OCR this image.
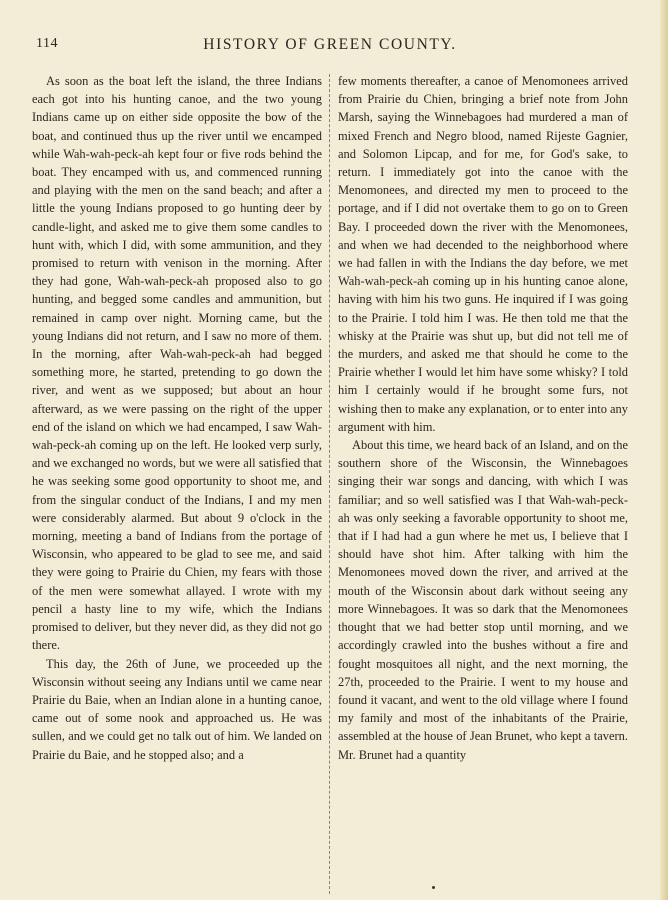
114	HISTORY OF GREEN COUNTY.

As soon as the boat left the island, the three Indians each got into his hunting canoe, and the two young Indians came up on either side opposite the bow of the boat, and continued thus up the river until we encamped while Wah-wah-peck-ah kept four or five rods behind the boat. They encamped with us, and commenced running and playing with the men on the sand beach; and after a little the young Indians proposed to go hunting deer by candle-light, and asked me to give them some candles to hunt with, which I did, with some ammunition, and they promised to return with venison in the morning. After they had gone, Wah-wah-peck-ah proposed also to go hunting, and begged some candles and ammunition, but remained in camp over night. Morning came, but the young Indians did not return, and I saw no more of them. In the morning, after Wah-wah-peck-ah had begged something more, he started, pretending to go down the river, and went as we supposed; but about an hour afterward, as we were passing on the right of the upper end of the island on which we had encamped, I saw Wah-wah-peck-ah coming up on the left. He looked verp surly, and we exchanged no words, but we were all satisfied that he was seeking some good opportunity to shoot me, and from the singular conduct of the Indians, I and my men were considerably alarmed. But about 9 o'clock in the morning, meeting a band of Indians from the portage of Wisconsin, who appeared to be glad to see me, and said they were going to Prairie du Chien, my fears with those of the men were somewhat allayed. I wrote with my pencil a hasty line to my wife, which the Indians promised to deliver, but they never did, as they did not go there.

This day, the 26th of June, we proceeded up the Wisconsin without seeing any Indians until we came near Prairie du Baie, when an Indian alone in a hunting canoe, came out of some nook and approached us. He was sullen, and we could get no talk out of him. We landed on Prairie du Baie, and he stopped also; and a

few moments thereafter, a canoe of Menomonees arrived from Prairie du Chien, bringing a brief note from John Marsh, saying the Winnebagoes had murdered a man of mixed French and Negro blood, named Rijeste Gagnier, and Solomon Lipcap, and for me, for God's sake, to return. I immediately got into the canoe with the Menomonees, and directed my men to proceed to the portage, and if I did not overtake them to go on to Green Bay. I proceeded down the river with the Menomonees, and when we had decended to the neighborhood where we had fallen in with the Indians the day before, we met Wah-wah-peck-ah coming up in his hunting canoe alone, having with him his two guns. He inquired if I was going to the Prairie. I told him I was. He then told me that the whisky at the Prairie was shut up, but did not tell me of the murders, and asked me that should he come to the Prairie whether I would let him have some whisky? I told him I certainly would if he brought some furs, not wishing then to make any explanation, or to enter into any argument with him.

About this time, we heard back of an Island, and on the southern shore of the Wisconsin, the Winnebagoes singing their war songs and dancing, with which I was familiar; and so well satisfied was I that Wah-wah-peck-ah was only seeking a favorable opportunity to shoot me, that if I had had a gun where he met us, I believe that I should have shot him. After talking with him the Menomonees moved down the river, and arrived at the mouth of the Wisconsin about dark without seeing any more Winnebagoes. It was so dark that the Menomonees thought that we had better stop until morning, and we accordingly crawled into the bushes without a fire and fought mosquitoes all night, and the next morning, the 27th, proceeded to the Prairie. I went to my house and found it vacant, and went to the old village where I found my family and most of the inhabitants of the Prairie, assembled at the house of Jean Brunet, who kept a tavern. Mr. Brunet had a quantity
